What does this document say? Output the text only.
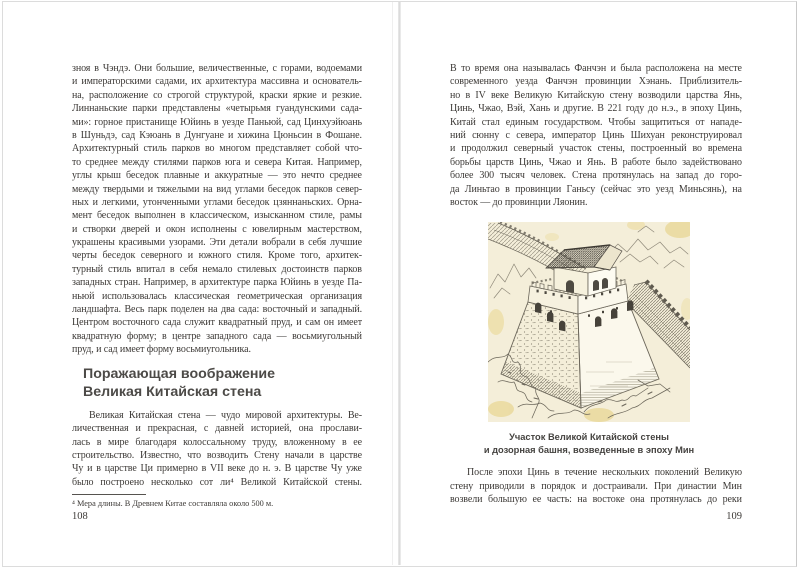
зноя в Чэндэ. Они большие, величественные, с горами, водоемами
и императорскими садами, их архитектура массивна и основатель-
на, расположение со строгой структурой, краски яркие и резкие.
Линнаньские парки представлены «четырьмя гуандунскими сада-
ми»: горное пристанище Юйинь в уезде Паньюй, сад Цинхуэйюань
в Шуньдэ, сад Кэюань в Дунгуане и хижина Цюньсин в Фошане.
Архитектурный стиль парков во многом представляет собой что-
то среднее между стилями парков юга и севера Китая. Например,
углы крыш беседок плавные и аккуратные — это нечто среднее
между твердыми и тяжелыми на вид углами беседок парков север-
ных и легкими, утонченными углами беседок цзяннаньских. Орна-
мент беседок выполнен в классическом, изысканном стиле, рамы
и створки дверей и окон исполнены с ювелирным мастерством,
украшены красивыми узорами. Эти детали вобрали в себя лучшие
черты беседок северного и южного стиля. Кроме того, архитек-
турный стиль впитал в себя немало стилевых достоинств парков
западных стран. Например, в архитектуре парка Юйинь в уезде Па-
ньюй использовалась классическая геометрическая организация
ландшафта. Весь парк поделен на два сада: восточный и западный.
Центром восточного сада служит квадратный пруд, и сам он имеет
квадратную форму; в центре западного сада — восьмиугольный
пруд, и сад имеет форму восьмиугольника.
Поражающая воображение
Великая Китайская стена
Великая Китайская стена — чудо мировой архитектуры. Ве-
личественная и прекрасная, с давней историей, она прослави-
лась в мире благодаря колоссальному труду, вложенному в ее
строительство. Известно, что возводить Стену начали в царстве
Чу и в царстве Ци примерно в VII веке до н. э. В царстве Чу уже
было построено несколько сот ли⁴ Великой Китайской стены.
⁴ Мера длины. В Древнем Китае составляла около 500 м.
108
В то время она называлась Фанчэн и была расположена на месте
современного уезда Фанчэн провинции Хэнань. Приблизитель-
но в IV веке Великую Китайскую стену возводили царства Янь,
Цинь, Чжао, Вэй, Хань и другие. В 221 году до н.э., в эпоху Цинь,
Китай стал единым государством. Чтобы защититься от нападе-
ний сюнну с севера, император Цинь Шихуан реконструировал
и продолжил северный участок стены, построенный во времена
борьбы царств Цинь, Чжао и Янь. В работе было задействовано
более 300 тысяч человек. Стена протянулась на запад до горо-
да Линьтао в провинции Ганьсу (сейчас это уезд Миньсянь), на
восток — до провинции Ляонин.
Участок Великой Китайской стены
и дозорная башня, возведенные в эпоху Мин
После эпохи Цинь в течение нескольких поколений Великую
стену приводили в порядок и достраивали. При династии Мин
возвели большую ее часть: на востоке она протянулась до реки
109
